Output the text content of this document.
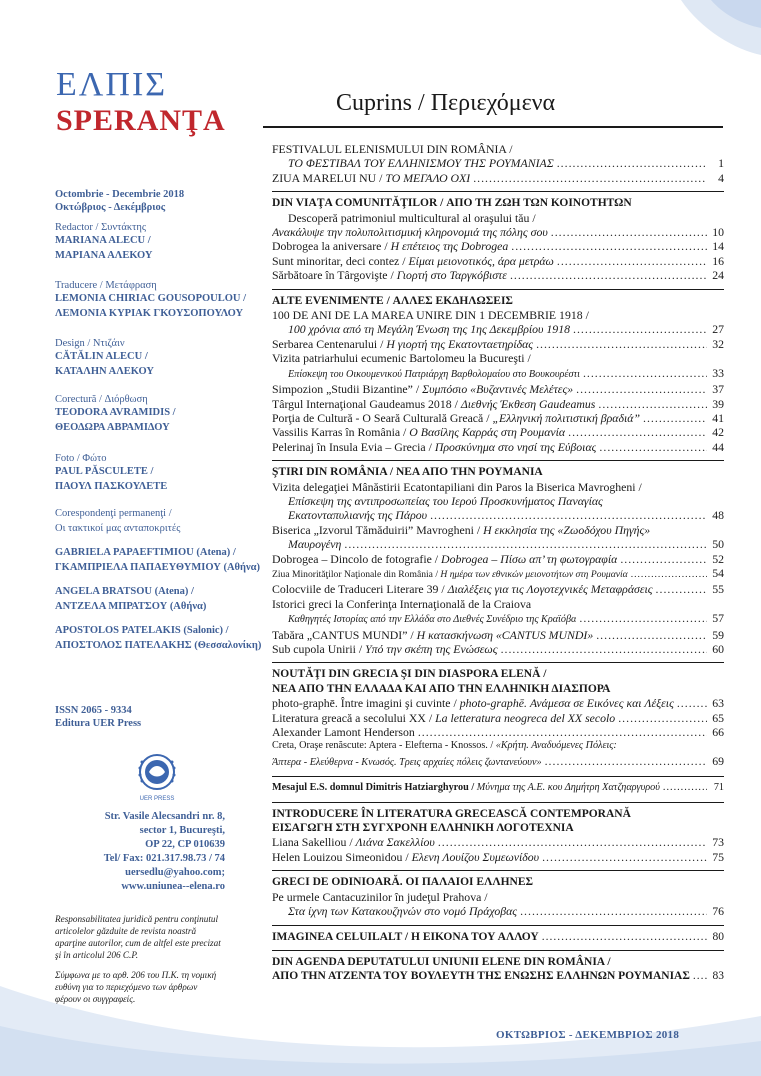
ΕΛΠΙΣ
SPERANŢA
Octombrie - Decembrie 2018
Οκτώβριος - Δεκέμβριος
Redactor / Συντάκτης
MARIANA ALECU /
ΜΑΡΙΑΝΑ ΑΛΕΚΟΥ
Traducere / Μετάφραση
LEMONIA CHIRIAC GOUSOPOULOU /
ΛΕΜΟΝΙΑ ΚΥΡΙΑΚ ΓΚΟΥΣΟΠΟΥΛΟΥ
Design / Ντιζάιν
CĂTĂLIN ALECU /
ΚΑΤΑΛΗΝ ΑΛΕΚΟΥ
Corectură / Διόρθωση
TEODORA AVRAMIDIS /
ΘΕΟΔΩΡΑ ΑΒΡΑΜΙΔΟΥ
Foto / Φώτο
PAUL PĂSCULETE /
ΠΑΟΥΛ ΠΑΣΚΟΥΛΕΤΕ
Corespondenţi permanenţi /
Οι τακτικοί μας ανταποκριτές
GABRIELA PAPAEFTIMIOU (Atena) /
ΓΚΑΜΠΡΙΕΛΑ ΠΑΠΑΕΥΘΥΜΙΟΥ (Αθήνα)
ANGELA BRATSOU (Atena) /
ΑΝΤΖΕΛΑ ΜΠΡΑΤΣΟΥ (Αθήνα)
APOSTOLOS PATELAKIS (Salonic) /
ΑΠΟΣΤΟΛΟΣ ΠΑΤΕΛΑΚΗΣ (Θεσσαλονίκη)
ISSN 2065 - 9334
Editura UER Press
UER PRESS
Str. Vasile Alecsandri nr. 8,
sector 1, Bucureşti,
OP 22, CP 010639
Tel/ Fax: 021.317.98.73 / 74
uersedlu@yahoo.com;
www.uniunea--elena.ro
Responsabilitatea juridică pentru conţinutul articolelor găzduite de revista noastră aparţine autorilor, cum de altfel este precizat şi în articolul 206 C.P.
Σύμφωνα με το αρθ. 206 του Π.Κ. τη νομική ευθύνη για το περιεχόμενο των άρθρων φέρουν οι συγγραφείς.
Cuprins / Περιεχόμενα
FESTIVALUL ELENISMULUI DIN ROMÂNIA /
ΤΟ ΦΕΣΤΙΒΑΛ ΤΟΥ ΕΛΛΗΝΙΣΜΟΥ ΤΗΣ ΡΟΥΜΑΝΙΑΣ .....	1
ZIUA MARELUI NU / ΤΟ ΜΕΓΑΛΟ ΟΧΙ .....	4
DIN VIAŢA COMUNITĂŢILOR / ΑΠΟ ΤΗ ΖΩΗ ΤΩΝ ΚΟΙΝΟΤΗΤΩΝ
Descoperă patrimoniul multicultural al oraşului tău /
Ανακάλυψε την πολυπολιτισμική κληρονομιά της πόλης σου .....	10
Dobrogea la aniversare / Η επέτειος της Dobrogea .....	14
Sunt minoritar, deci contez / Είμαι μειονοτικός, άρα μετράω .....	16
Sărbătoare în Târgovişte / Γιορτή στο Ταργκόβιστε .....	24
ALTE EVENIMENTE / ΑΛΛΕΣ ΕΚΔΗΛΩΣΕΙΣ
100 DE ANI DE LA MAREA UNIRE DIN 1 DECEMBRIE 1918 /
100 χρόνια από τη Μεγάλη Ένωση της 1ης Δεκεμβρίου 1918 .....	27
Serbarea Centenarului / Η γιορτή της Εκατονταετηρίδας .....	32
Vizita patriarhului ecumenic Bartolomeu la Bucureşti /
Επίσκεψη του Οικουμενικού Πατριάρχη Βαρθολομαίου στο Βουκουρέστι .....	33
Simpozion „Studii Bizantine” / Συμπόσιο «Βυζαντινές Μελέτες» .....	37
Târgul Internaţional Gaudeamus 2018 / Διεθνής Έκθεση Gaudeamus .....	39
Porţia de Cultură - O Seară Culturală Greacă / „Ελληνική πολιτιστική βραδιά” .....	41
Vassilis Karras în România / Ο Βασίλης Καρράς στη Ρουμανία .....	42
Pelerinaj în Insula Evia – Grecia / Προσκύνημα στο νησί της Εύβοιας .....	44
ŞTIRI DIN ROMÂNIA / ΝΕΑ ΑΠΟ ΤΗΝ ΡΟΥΜΑΝΙΑ
Vizita delegaţiei Mânăstirii Ecatontapiliani din Paros la Biserica Mavrogheni /
Επίσκεψη της αντιπροσωπείας του Ιερού Προσκυνήματος Παναγίας
Εκατονταπυλιανής της Πάρου .....	48
Biserica „Izvorul Tămăduirii” Mavrogheni / Η εκκλησία της «Ζωοδόχου Πηγής»
Μαυρογένη .....	50
Dobrogea – Dincolo de fotografie / Dobrogea – Πίσω απ’ τη φωτογραφία .....	52
Ziua Minorităţilor Naţionale din România / Η ημέρα των εθνικών μειονοτήτων στη Ρουμανία .....	54
Colocviile de Traduceri Literare 39 / Διαλέξεις για τις Λογοτεχνικές Μεταφράσεις .....	55
Istorici greci la Conferinţa Internaţională de la Craiova
Καθηγητές Ιστορίας από την Ελλάδα στο Διεθνές Συνέδριο της Κραϊόβα .....	57
Tabăra „CANTUS MUNDI” / Η κατασκήνωση «CANTUS MUNDI» .....	59
Sub cupola Unirii / Υπό την σκέπη της Ενώσεως .....	60
NOUTĂŢI DIN GRECIA ŞI DIN DIASPORA ELENĂ /
ΝΕΑ ΑΠΟ ΤΗΝ ΕΛΛΑΔΑ ΚΑΙ ΑΠΟ ΤΗΝ ΕΛΛΗΝΙΚΗ ΔΙΑΣΠΟΡΑ
photo-graphē. Între imagini şi cuvinte / photo-graphē. Ανάμεσα σε Εικόνες και Λέξεις .....	63
Literatura greacă a secolului XX / La letteratura neogreca del XX secolo .....	65
Alexander Lamont Henderson .....	66
Creta, Oraşe renăscute: Aptera - Elefterna - Knossos. / «Κρήτη. Αναδυόμενες Πόλεις:
Άπτερα - Ελεύθερνα - Κνωσός. Τρεις αρχαίες πόλεις ζωντανεύουν» .....	69
Mesajul E.S. domnul Dimitris Hatziarghyrou / Μύνημα της Α.Ε. κου Δημήτρη Χατζηαργυρού .....	71
INTRODUCERE ÎN LITERATURA GRECEASCĂ CONTEMPORANĂ
ΕΙΣΑΓΩΓΗ ΣΤΗ ΣΥΓΧΡΟΝΗ ΕΛΛΗΝΙΚΗ ΛΟΓΟΤΕΧΝΙΑ
Liana Sakelliou / Λιάνα Σακελλίου .....	73
Helen Louizou Simeonidou / Ελενη Λουίζου Συμεωνίδου .....	75
GRECI DE ODINIOARĂ. ΟΙ ΠΑΛΑΙΟΙ ΕΛΛΗΝΕΣ
Pe urmele Cantacuzinilor în judeţul Prahova /
Στα ίχνη των Κατακουζηνών στο νομό Πράχοβας .....	76
IMAGINEA CELUILALT / Η ΕΙΚΟΝΑ ΤΟΥ ΑΛΛΟΥ .....	80
DIN AGENDA DEPUTATULUI UNIUNII ELENE DIN ROMÂNIA /
ΑΠΟ ΤΗΝ ΑΤΖΕΝΤΑ ΤΟΥ ΒΟΥΛΕΥΤΗ ΤΗΣ ΕΝΩΣΗΣ ΕΛΛΗΝΩΝ ΡΟΥΜΑΝΙΑΣ ..... 83
ΟΚΤΩΒΡΙΟΣ - ΔΕΚΕΜΒΡΙΟΣ 2018
